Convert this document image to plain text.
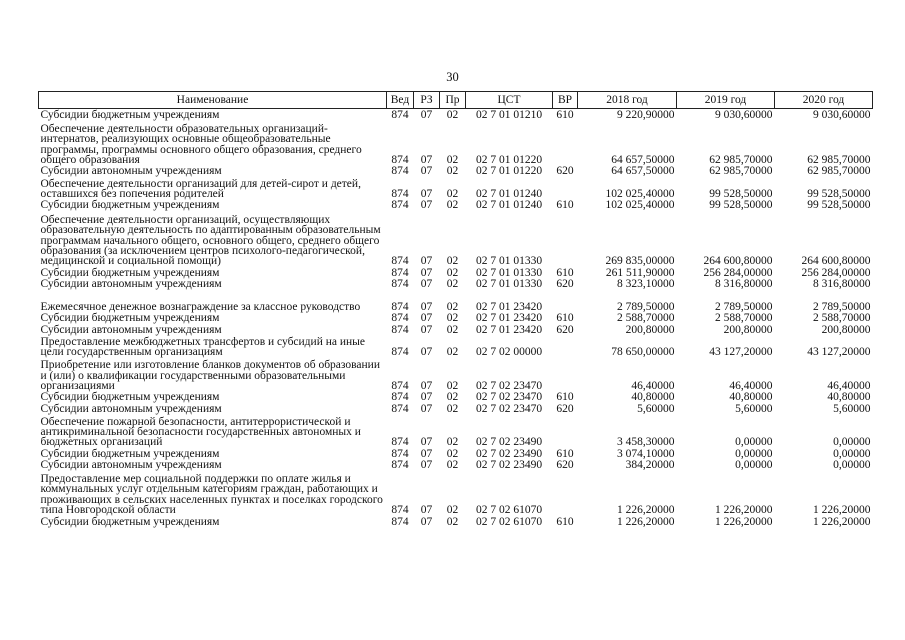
30
Наименование	Вед	РЗ	Пр	ЦСТ	ВР	2018 год	2019 год	2020 год
Субсидии бюджетным учреждениям	874	07	02	02 7 01 01210	610	9 220,90000	9 030,60000	9 030,60000
Обеспечение деятельности образовательных организаций-интернатов, реализующих основные общеобразовательные программы, программы основного общего образования, среднего общего образования	874	07	02	02 7 01 01220		64 657,50000	62 985,70000	62 985,70000
Субсидии автономным учреждениям	874	07	02	02 7 01 01220	620	64 657,50000	62 985,70000	62 985,70000
Обеспечение деятельности организаций для детей-сирот и детей, оставшихся без попечения родителей	874	07	02	02 7 01 01240		102 025,40000	99 528,50000	99 528,50000
Субсидии бюджетным учреждениям	874	07	02	02 7 01 01240	610	102 025,40000	99 528,50000	99 528,50000
Обеспечение деятельности организаций, осуществляющих образовательную деятельность по адаптированным образовательным программам начального общего, основного общего, среднего общего образования (за исключением центров психолого-педагогической, медицинской и социальной помощи)	874	07	02	02 7 01 01330		269 835,00000	264 600,80000	264 600,80000
Субсидии бюджетным учреждениям	874	07	02	02 7 01 01330	610	261 511,90000	256 284,00000	256 284,00000
Субсидии автономным учреждениям	874	07	02	02 7 01 01330	620	8 323,10000	8 316,80000	8 316,80000
Ежемесячное денежное вознаграждение за классное руководство	874	07	02	02 7 01 23420		2 789,50000	2 789,50000	2 789,50000
Субсидии бюджетным учреждениям	874	07	02	02 7 01 23420	610	2 588,70000	2 588,70000	2 588,70000
Субсидии автономным учреждениям	874	07	02	02 7 01 23420	620	200,80000	200,80000	200,80000
Предоставление межбюджетных трансфертов и субсидий на иные цели государственным организациям	874	07	02	02 7 02 00000		78 650,00000	43 127,20000	43 127,20000
Приобретение или изготовление бланков документов об образовании и (или) о квалификации государственными образовательными организациями	874	07	02	02 7 02 23470		46,40000	46,40000	46,40000
Субсидии бюджетным учреждениям	874	07	02	02 7 02 23470	610	40,80000	40,80000	40,80000
Субсидии автономным учреждениям	874	07	02	02 7 02 23470	620	5,60000	5,60000	5,60000
Обеспечение пожарной безопасности, антитеррористической и антикриминальной безопасности государственных автономных и бюджетных организаций	874	07	02	02 7 02 23490		3 458,30000	0,00000	0,00000
Субсидии бюджетным учреждениям	874	07	02	02 7 02 23490	610	3 074,10000	0,00000	0,00000
Субсидии автономным учреждениям	874	07	02	02 7 02 23490	620	384,20000	0,00000	0,00000
Предоставление мер социальной поддержки по оплате жилья и коммунальных услуг отдельным категориям граждан, работающих и проживающих в сельских населенных пунктах и поселках городского типа Новгородской области	874	07	02	02 7 02 61070		1 226,20000	1 226,20000	1 226,20000
Субсидии бюджетным учреждениям	874	07	02	02 7 02 61070	610	1 226,20000	1 226,20000	1 226,20000
